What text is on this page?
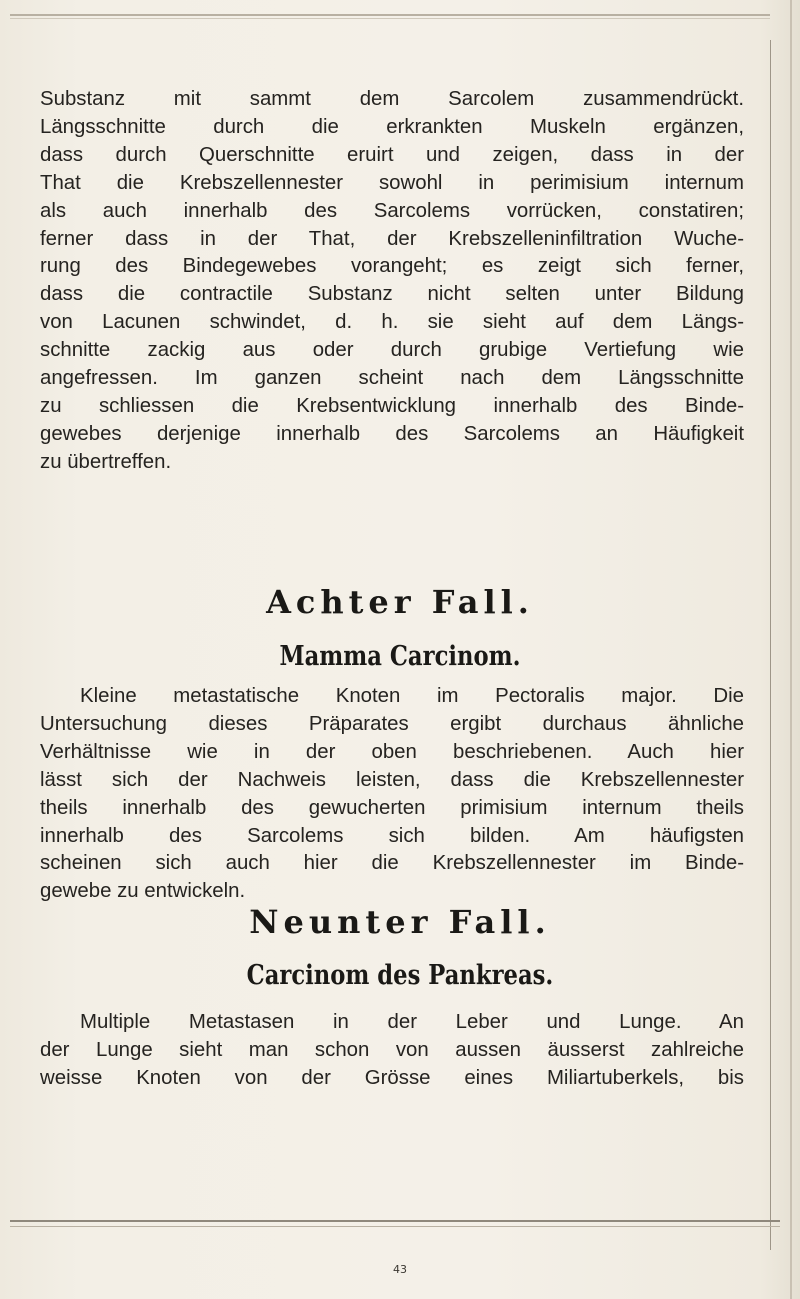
Substanz mit sammt dem Sarcolem zusammendrückt.
Längsschnitte durch die erkrankten Muskeln ergänzen,
dass durch Querschnitte eruirt und zeigen, dass in der
That die Krebszellennester sowohl in perimisium internum
als auch innerhalb des Sarcolems vorrücken, constatiren;
ferner dass in der That, der Krebszelleninfiltration Wuche-
rung des Bindegewebes vorangeht; es zeigt sich ferner,
dass die contractile Substanz nicht selten unter Bildung
von Lacunen schwindet, d. h. sie sieht auf dem Längs-
schnitte zackig aus oder durch grubige Vertiefung wie
angefressen. Im ganzen scheint nach dem Längsschnitte
zu schliessen die Krebsentwicklung innerhalb des Binde-
gewebes derjenige innerhalb des Sarcolems an Häufigkeit
zu übertreffen.

Achter Fall.
Mamma Carcinom.

Kleine metastatische Knoten im Pectoralis major. Die
Untersuchung dieses Präparates ergibt durchaus ähnliche
Verhältnisse wie in der oben beschriebenen. Auch hier
lässt sich der Nachweis leisten, dass die Krebszellennester
theils innerhalb des gewucherten primisium internum theils
innerhalb des Sarcolems sich bilden. Am häufigsten
scheinen sich auch hier die Krebszellennester im Binde-
gewebe zu entwickeln.

Neunter Fall.
Carcinom des Pankreas.

Multiple Metastasen in der Leber und Lunge. An
der Lunge sieht man schon von aussen äusserst zahlreiche
weisse Knoten von der Grösse eines Miliartuberkels, bis

43
